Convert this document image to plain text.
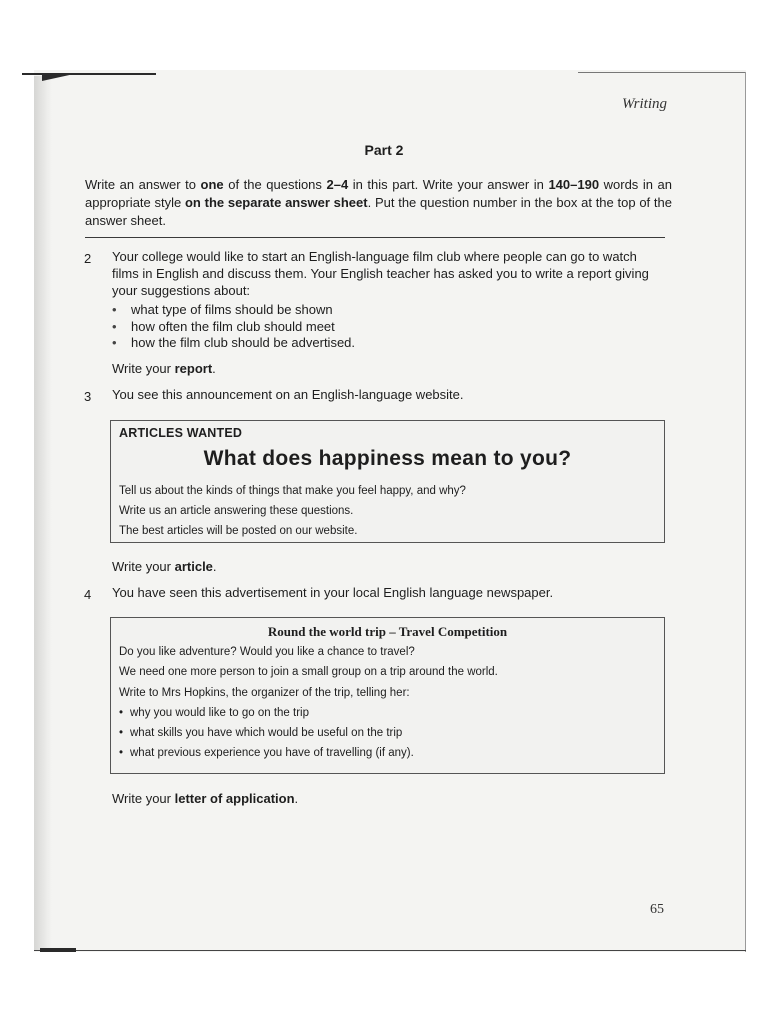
Writing
Part 2
Write an answer to one of the questions 2–4 in this part. Write your answer in 140–190 words in an appropriate style on the separate answer sheet. Put the question number in the box at the top of the answer sheet.
2 Your college would like to start an English-language film club where people can go to watch films in English and discuss them. Your English teacher has asked you to write a report giving your suggestions about:
•	what type of films should be shown
•	how often the film club should meet
•	how the film club should be advertised.
Write your report.
3 You see this announcement on an English-language website.
ARTICLES WANTED
What does happiness mean to you?
Tell us about the kinds of things that make you feel happy, and why?
Write us an article answering these questions.
The best articles will be posted on our website.
Write your article.
4 You have seen this advertisement in your local English language newspaper.
Round the world trip – Travel Competition
Do you like adventure? Would you like a chance to travel?
We need one more person to join a small group on a trip around the world.
Write to Mrs Hopkins, the organizer of the trip, telling her:
• why you would like to go on the trip
• what skills you have which would be useful on the trip
• what previous experience you have of travelling (if any).
Write your letter of application.
65
